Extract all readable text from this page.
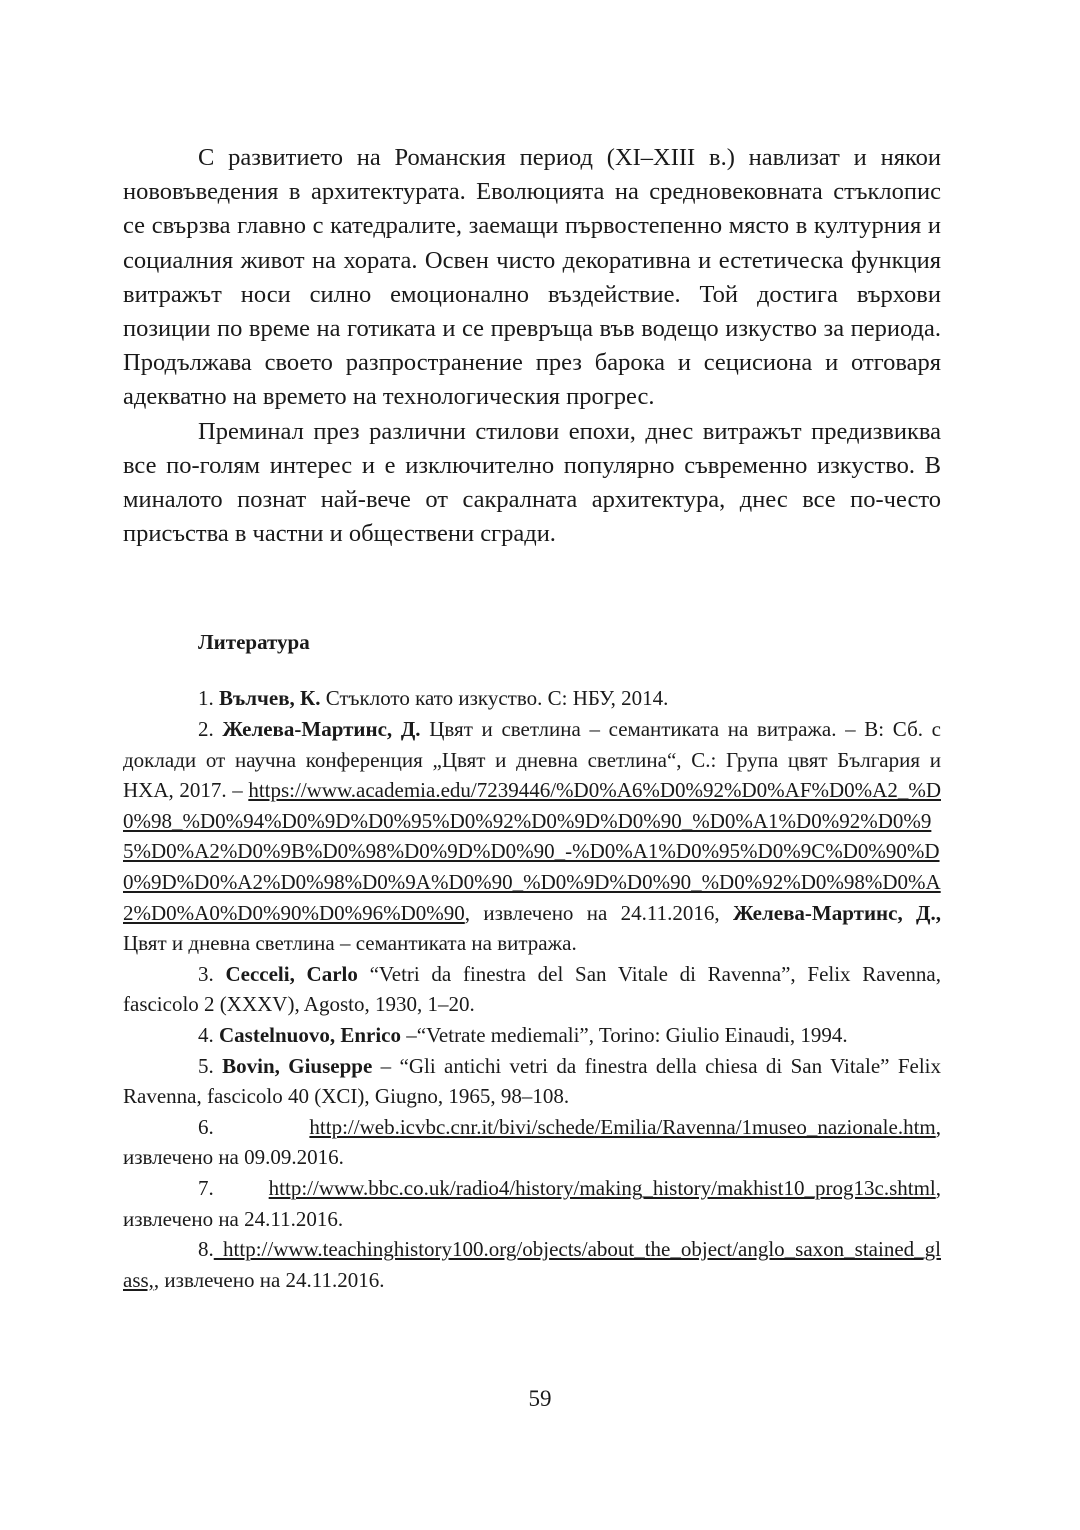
С развитието на Романския период (XI–XIII в.) навлизат и някои нововъведения в архитектурата. Еволюцията на средновековната стъклопис се свързва главно с катедралите, заемащи първостепенно място в културния и социалния живот на хората. Освен чисто декоративна и естетическа функция витражът носи силно емоционално въздействие. Той достига върхови позиции по време на готиката и се превръща във водещо изкуство за периода. Продължава своето разпространение през барока и сецисиона и отговаря адекватно на времето на технологическия прогрес.

Преминал през различни стилови епохи, днес витражът предизвиква все по-голям интерес и е изключително популярно съвременно изкуство. В миналото познат най-вече от сакралната архитектура, днес все по-често присъства в частни и обществени сгради.

Литература

1. Вълчев, К. Стъклото като изкуство. С: НБУ, 2014.

2. Желева-Мартинс, Д. Цвят и светлина – семантиката на витража. – В: Сб. с доклади от научна конференция „Цвят и дневна светлина“, С.: Група цвят България и НХА, 2017. – https://www.academia.edu/7239446/%D0%A6%D0%92%D0%AF%D0%A2_%D0%98_%D0%94%D0%9D%D0%95%D0%92%D0%9D%D0%90_%D0%A1%D0%92%D0%95%D0%A2%D0%9B%D0%98%D0%9D%D0%90_-%D0%A1%D0%95%D0%9C%D0%90%D0%9D%D0%A2%D0%98%D0%9A%D0%90_%D0%9D%D0%90_%D0%92%D0%98%D0%A2%D0%A0%D0%90%D0%96%D0%90, извлечено на 24.11.2016, Желева-Мартинс, Д., Цвят и дневна светлина – семантиката на витража.

3. Cecceli, Carlo “Vetri da finestra del San Vitale di Ravenna”, Felix Ravenna, fascicolo 2 (XXXV), Agosto, 1930, 1–20.

4. Castelnuovo, Enrico –“Vetrate mediemali”, Torino: Giulio Einaudi, 1994.

5. Bovin, Giuseppe – “Gli antichi vetri da finestra della chiesa di San Vitale” Felix Ravenna, fascicolo 40 (XCI), Giugno, 1965, 98–108.

6.	http://web.icvbc.cnr.it/bivi/schede/Emilia/Ravenna/1museo_nazionale.htm, извлечено на 09.09.2016.

7.	http://www.bbc.co.uk/radio4/history/making_history/makhist10_prog13c.shtml, извлечено на 24.11.2016.

8. http://www.teachinghistory100.org/objects/about_the_object/anglo_saxon_stained_glass,, извлечено на 24.11.2016.

59
